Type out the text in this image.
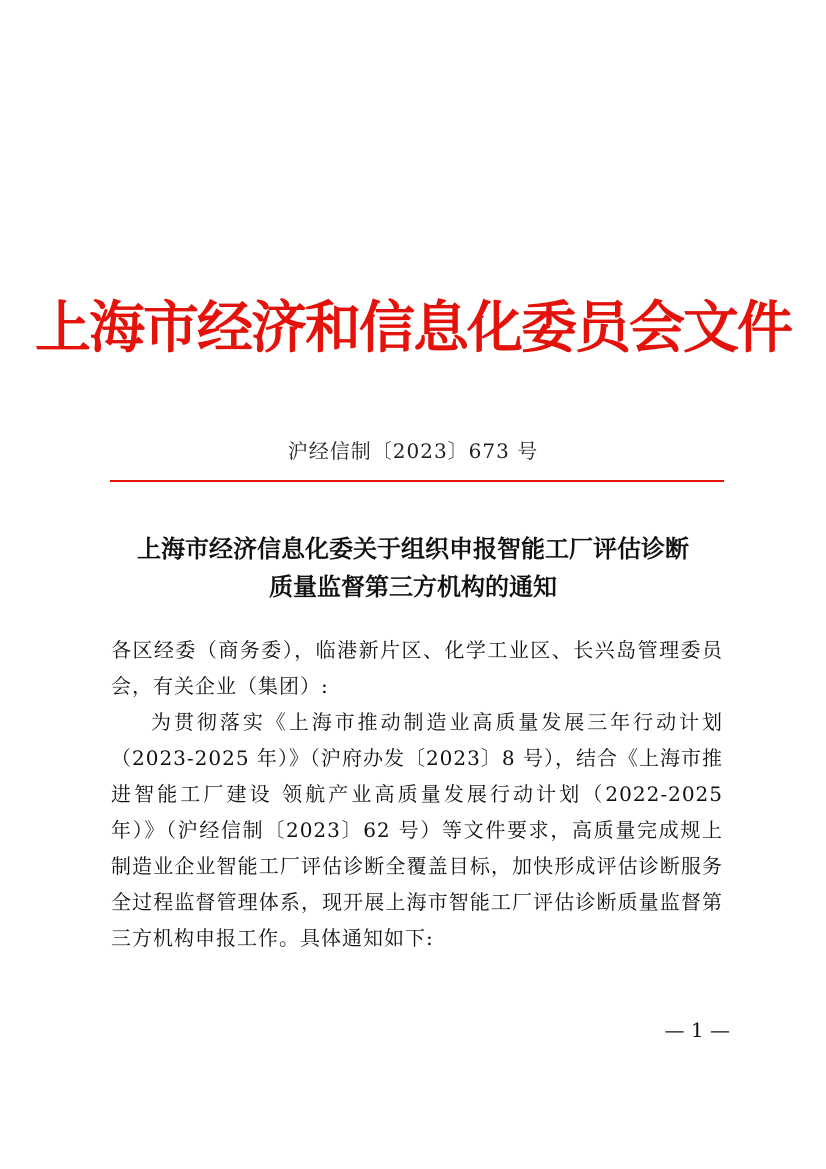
上海市经济和信息化委员会文件
沪经信制〔2023〕673 号
上海市经济信息化委关于组织申报智能工厂评估诊断
质量监督第三方机构的通知

各区经委（商务委），临港新片区、化学工业区、长兴岛管理委员会，有关企业（集团）:

为贯彻落实《上海市推动制造业高质量发展三年行动计划（2023-2025 年）》（沪府办发〔2023〕8 号），结合《上海市推进智能工厂建设 领航产业高质量发展行动计划（2022-2025 年）》（沪经信制〔2023〕62 号）等文件要求，高质量完成规上制造业企业智能工厂评估诊断全覆盖目标，加快形成评估诊断服务全过程监督管理体系，现开展上海市智能工厂评估诊断质量监督第三方机构申报工作。具体通知如下:

— 1 —
